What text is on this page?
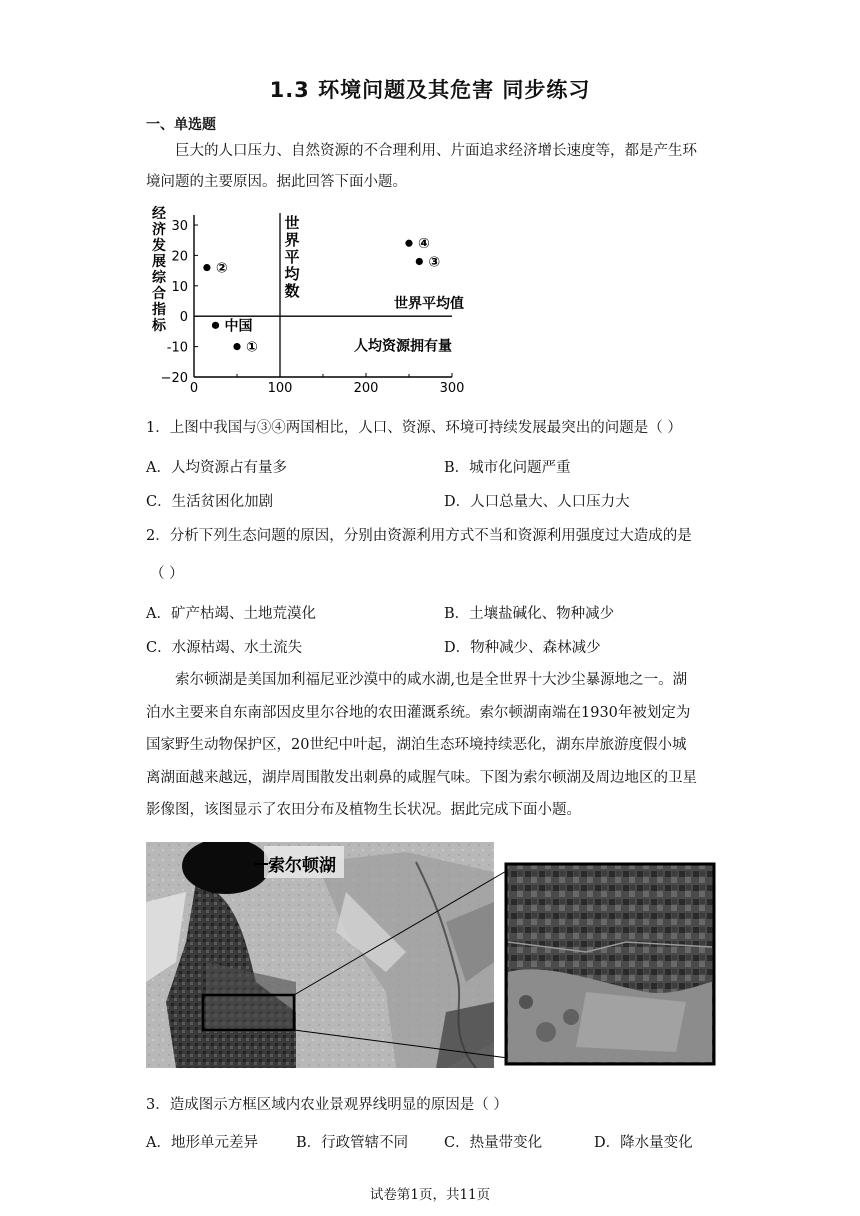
1.3 环境问题及其危害 同步练习
一、单选题
巨大的人口压力、自然资源的不合理利用、片面追求经济增长速度等，都是产生环
境问题的主要原因。据此回答下面小题。
30
20
10
0
-10
−20
0	100	200	300
经
济
发
展
综
合
指
标
世
界
平
均
数
世界平均值
人均资源拥有量
②
中国
①
④
③
1．上图中我国与③④两国相比，人口、资源、环境可持续发展最突出的问题是（ ）
A．人均资源占有量多	B．城市化问题严重
C．生活贫困化加剧	D．人口总量大、人口压力大
2．分析下列生态问题的原因，分别由资源利用方式不当和资源利用强度过大造成的是
（ ）
A．矿产枯竭、土地荒漠化	B．土壤盐碱化、物种减少
C．水源枯竭、水土流失	D．物种减少、森林减少
索尔顿湖是美国加利福尼亚沙漠中的咸水湖,也是全世界十大沙尘暴源地之一。湖
泊水主要来自东南部因皮里尔谷地的农田灌溉系统。索尔顿湖南端在1930年被划定为
国家野生动物保护区，20世纪中叶起，湖泊生态环境持续恶化，湖东岸旅游度假小城
离湖面越来越远，湖岸周围散发出刺鼻的咸腥气味。下图为索尔顿湖及周边地区的卫星
影像图，该图显示了农田分布及植物生长状况。据此完成下面小题。
索尔顿湖
3．造成图示方框区域内农业景观界线明显的原因是（ ）
A．地形单元差异	B．行政管辖不同 C．热量带变化	D．降水量变化
试卷第1页，共11页
